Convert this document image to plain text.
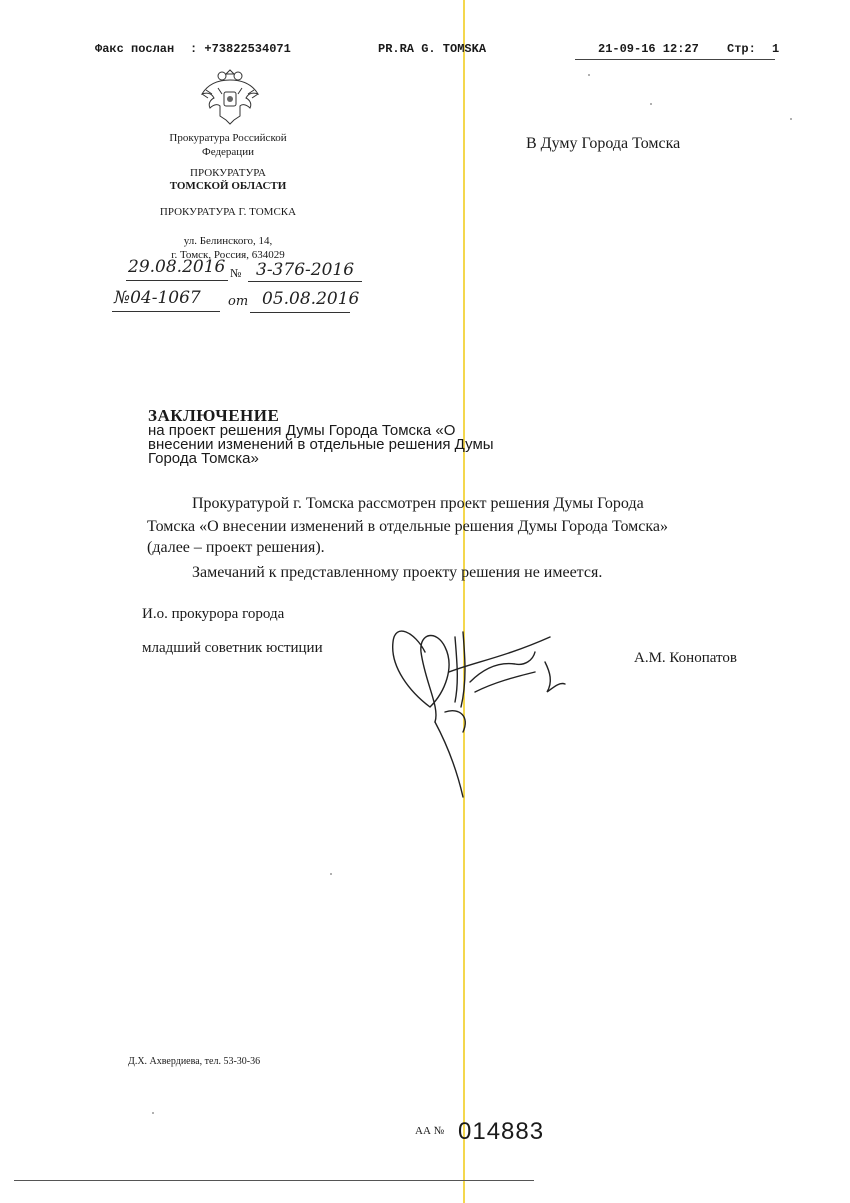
Факс послан : +73822534071	PR.RA G. TOMSKA	21-09-16 12:27 Стр: 1
Прокуратура Российской
Федерации
ПРОКУРАТУРА
ТОМСКОЙ ОБЛАСТИ
ПРОКУРАТУРА Г. ТОМСКА
ул. Белинского, 14,
г. Томск, Россия, 634029
29.08.2016 № 3-376-2016
№04-1067 от 05.08.2016
В Думу Города Томска
ЗАКЛЮЧЕНИЕ
на проект решения Думы Города Томска «О внесении изменений в отдельные решения Думы Города Томска»
Прокуратурой г. Томска рассмотрен проект решения Думы Города
Томска «О внесении изменений в отдельные решения Думы Города Томска»
(далее – проект решения).
Замечаний к представленному проекту решения не имеется.
И.о. прокурора города
младший советник юстиции
А.М. Конопатов
Д.Х. Ахвердиева, тел. 53-30-36
АА № 014883
